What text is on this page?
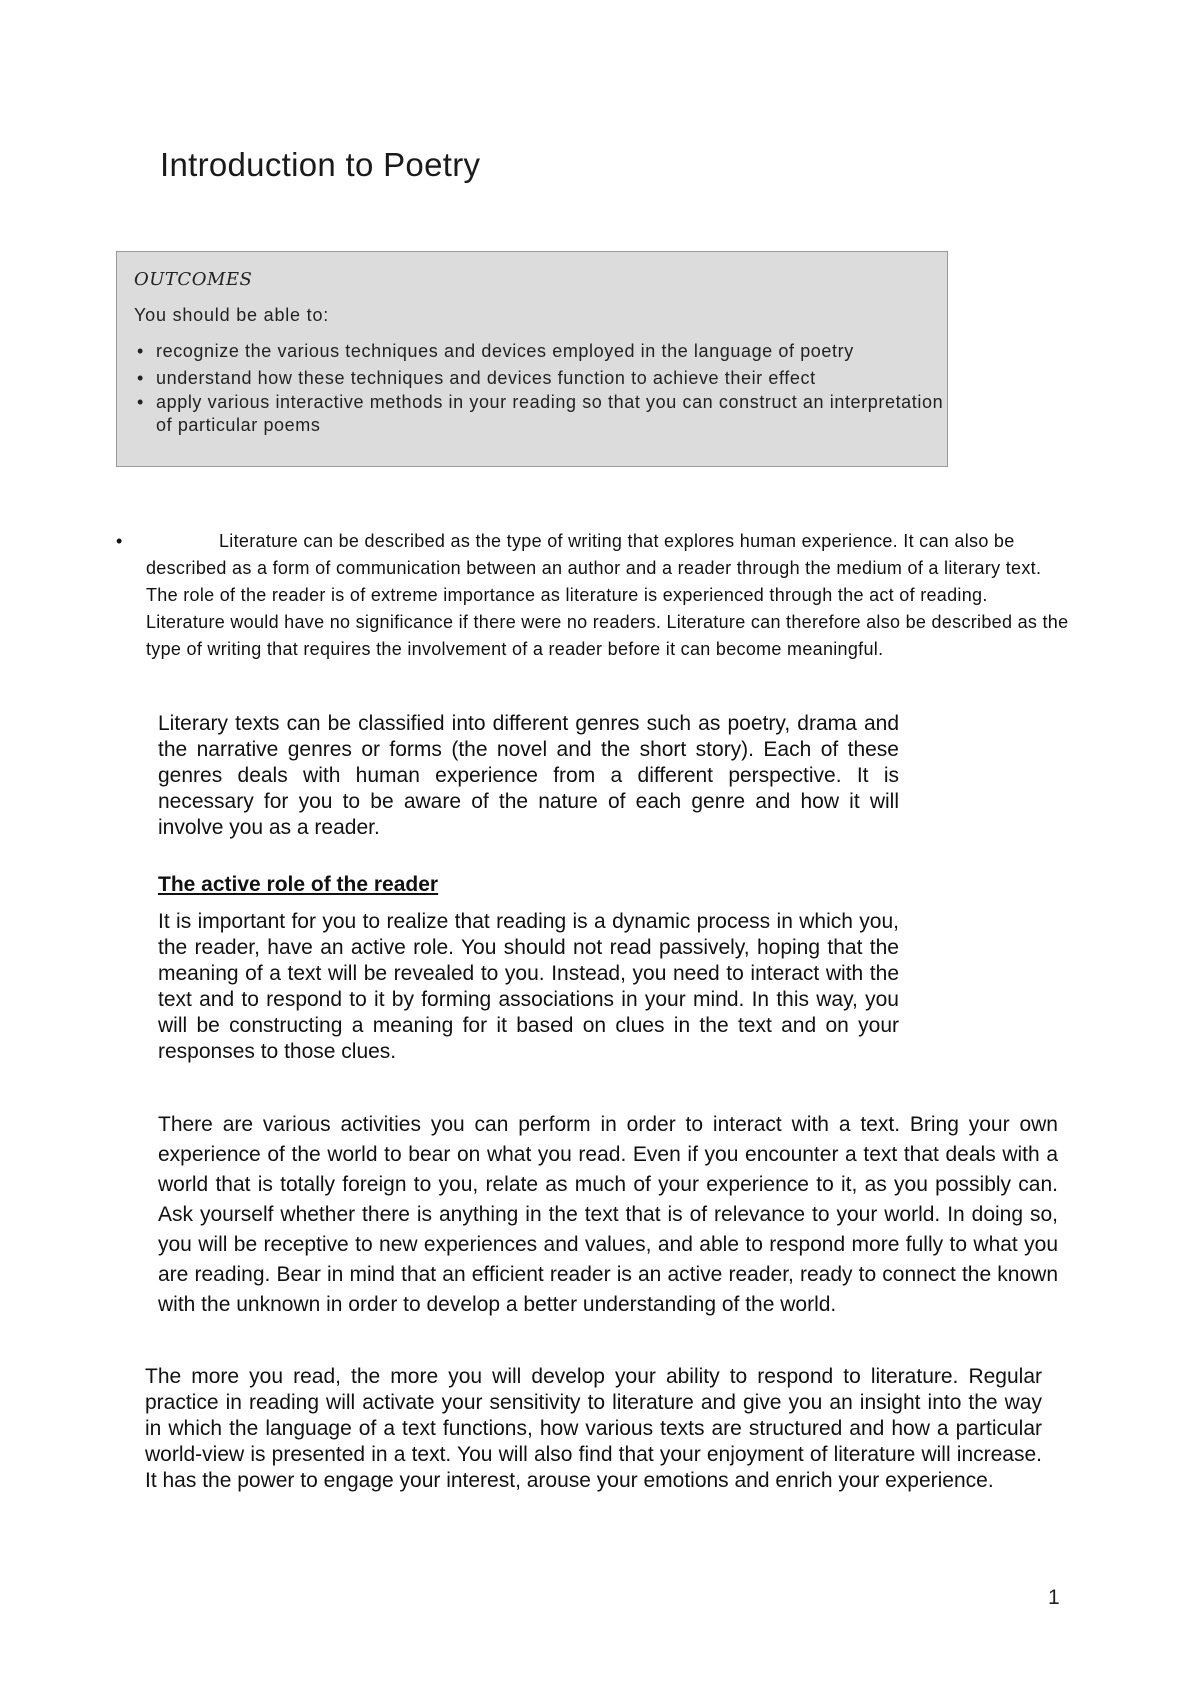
Introduction to Poetry
OUTCOMES
You should be able to:
• recognize the various techniques and devices employed in the language of poetry
• understand how these techniques and devices function to achieve their effect
• apply various interactive methods in your reading so that you can construct an interpretation of particular poems
•	Literature can be described as the type of writing that explores human experience. It can also be described as a form of communication between an author and a reader through the medium of a literary text. The role of the reader is of extreme importance as literature is experienced through the act of reading. Literature would have no significance if there were no readers. Literature can therefore also be described as the type of writing that requires the involvement of a reader before it can become meaningful.
Literary texts can be classified into different genres such as poetry, drama and the narrative genres or forms (the novel and the short story). Each of these genres deals with human experience from a different perspective. It is necessary for you to be aware of the nature of each genre and how it will involve you as a reader.
The active role of the reader
It is important for you to realize that reading is a dynamic process in which you, the reader, have an active role. You should not read passively, hoping that the meaning of a text will be revealed to you. Instead, you need to interact with the text and to respond to it by forming associations in your mind. In this way, you will be constructing a meaning for it based on clues in the text and on your responses to those clues.
There are various activities you can perform in order to interact with a text. Bring your own experience of the world to bear on what you read. Even if you encounter a text that deals with a world that is totally foreign to you, relate as much of your experience to it, as you possibly can. Ask yourself whether there is anything in the text that is of relevance to your world. In doing so, you will be receptive to new experiences and values, and able to respond more fully to what you are reading. Bear in mind that an efficient reader is an active reader, ready to connect the known with the unknown in order to develop a better understanding of the world.
The more you read, the more you will develop your ability to respond to literature. Regular practice in reading will activate your sensitivity to literature and give you an insight into the way in which the language of a text functions, how various texts are structured and how a particular world-view is presented in a text. You will also find that your enjoyment of literature will increase. It has the power to engage your interest, arouse your emotions and enrich your experience.
1
